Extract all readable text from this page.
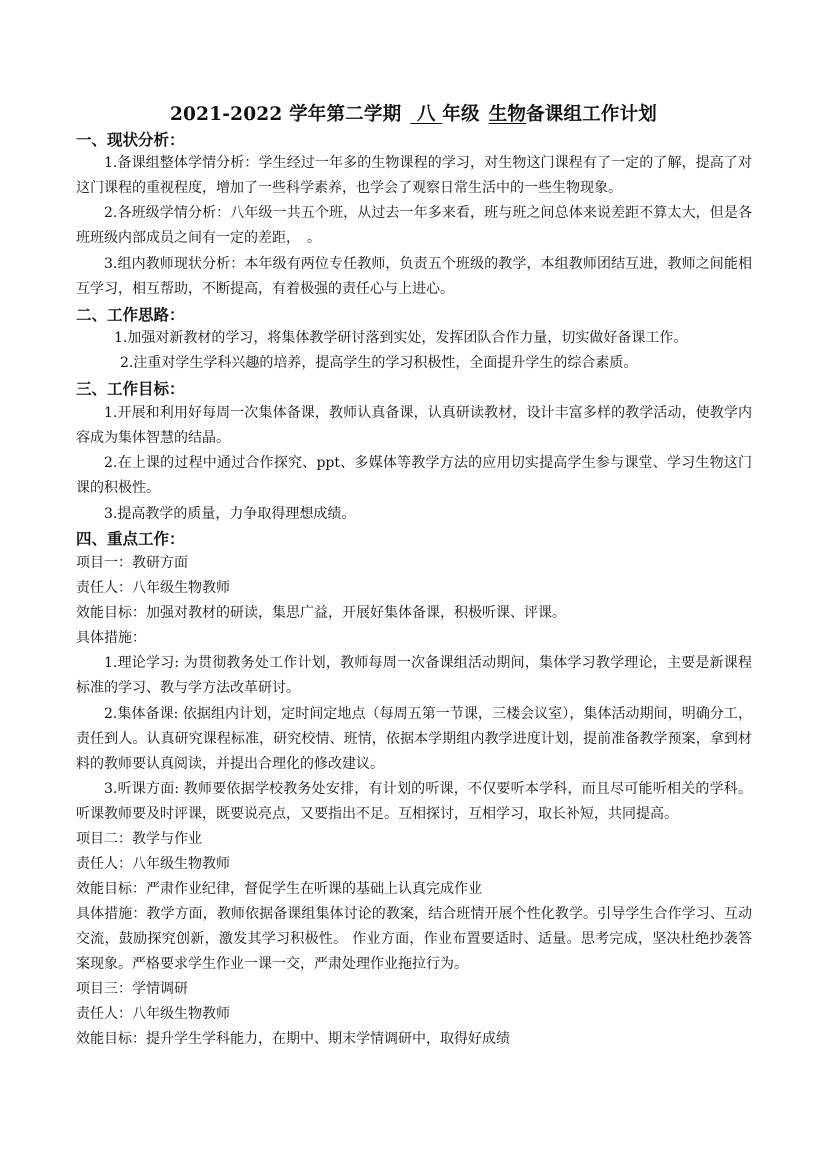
2021-2022 学年第二学期 八 年级 生物备课组工作计划
一、现状分析：
1.备课组整体学情分析：学生经过一年多的生物课程的学习，对生物这门课程有了一定的了解，提高了对这门课程的重视程度，增加了一些科学素养，也学会了观察日常生活中的一些生物现象。
2.各班级学情分析：八年级一共五个班，从过去一年多来看，班与班之间总体来说差距不算太大，但是各班班级内部成员之间有一定的差距，　。
3.组内教师现状分析：本年级有两位专任教师，负责五个班级的教学，本组教师团结互进，教师之间能相互学习，相互帮助，不断提高，有着极强的责任心与上进心。
二、工作思路：
1.加强对新教材的学习，将集体教学研讨落到实处，发挥团队合作力量，切实做好备课工作。
2.注重对学生学科兴趣的培养，提高学生的学习积极性，全面提升学生的综合素质。
三、工作目标：
1.开展和利用好每周一次集体备课，教师认真备课，认真研读教材，设计丰富多样的教学活动，使教学内容成为集体智慧的结晶。
2.在上课的过程中通过合作探究、ppt、多媒体等教学方法的应用切实提高学生参与课堂、学习生物这门课的积极性。
3.提高教学的质量，力争取得理想成绩。
四、重点工作：
项目一：教研方面
责任人：八年级生物教师
效能目标：加强对教材的研读，集思广益，开展好集体备课，积极听课、评课。
具体措施：
1.理论学习: 为贯彻教务处工作计划，教师每周一次备课组活动期间，集体学习教学理论，主要是新课程标准的学习、教与学方法改革研讨。
2.集体备课: 依据组内计划，定时间定地点（每周五第一节课，三楼会议室），集体活动期间，明确分工，责任到人。认真研究课程标准，研究校情、班情，依据本学期组内教学进度计划，提前准备教学预案，拿到材料的教师要认真阅读，并提出合理化的修改建议。
3.听课方面: 教师要依据学校教务处安排，有计划的听课，不仅要听本学科，而且尽可能听相关的学科。听课教师要及时评课，既要说亮点，又要指出不足。互相探讨，互相学习，取长补短，共同提高。
项目二：教学与作业
责任人：八年级生物教师
效能目标：严肃作业纪律，督促学生在听课的基础上认真完成作业
具体措施：教学方面，教师依据备课组集体讨论的教案，结合班情开展个性化教学。引导学生合作学习、互动交流，鼓励探究创新，激发其学习积极性。 作业方面，作业布置要适时、适量。思考完成，坚决杜绝抄袭答案现象。严格要求学生作业一课一交，严肃处理作业拖拉行为。
项目三：学情调研
责任人：八年级生物教师
效能目标：提升学生学科能力，在期中、期末学情调研中，取得好成绩
